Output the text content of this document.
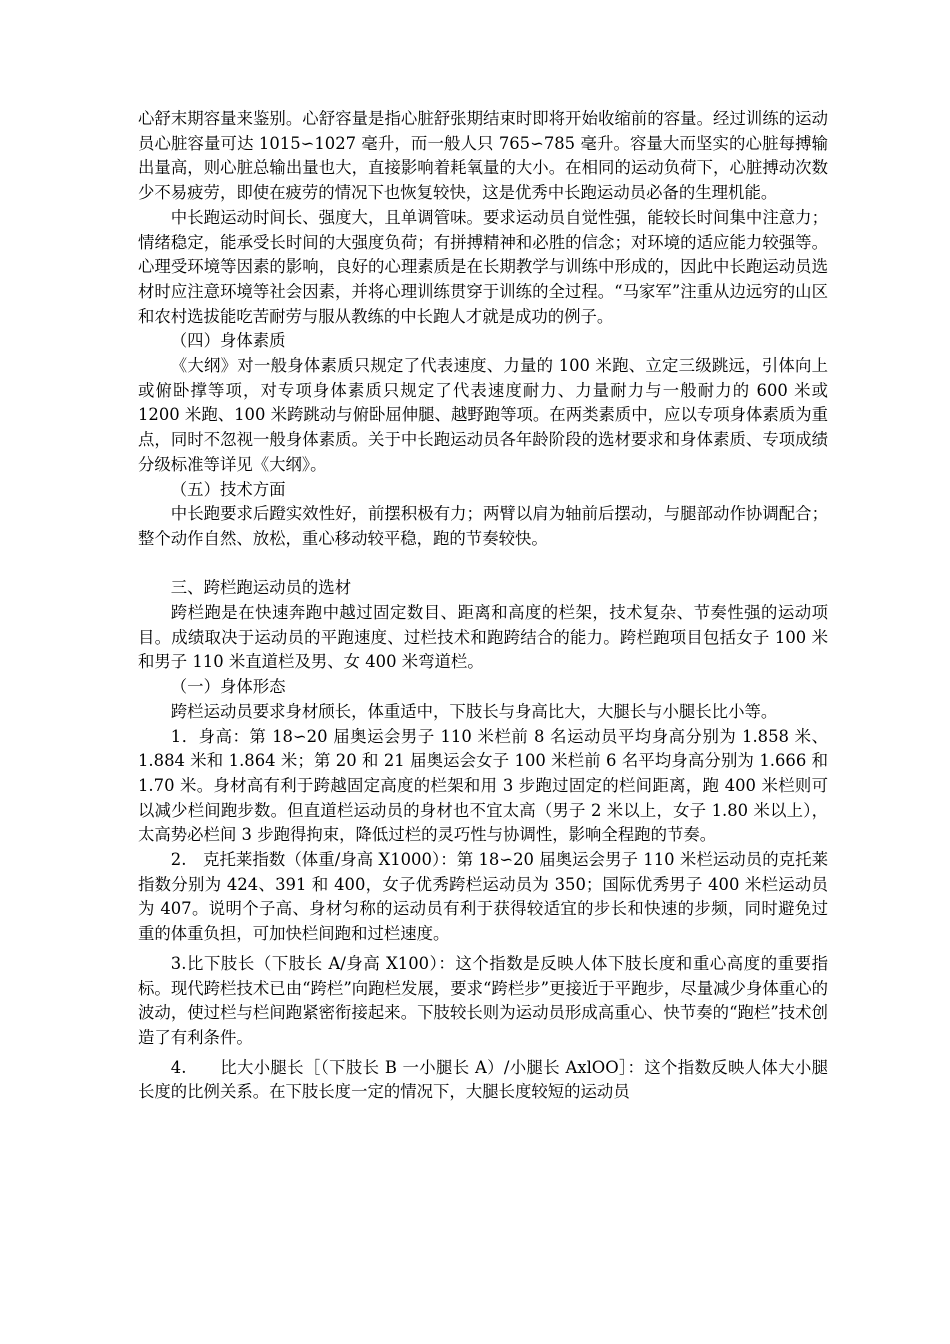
心舒末期容量来鉴别。心舒容量是指心脏舒张期结束时即将开始收缩前的容量。经过训练的运动员心脏容量可达 1015∽1027 毫升，而一般人只 765∽785 毫升。容量大而坚实的心脏每搏输出量高，则心脏总输出量也大，直接影响着耗氧量的大小。在相同的运动负荷下，心脏搏动次数少不易疲劳，即使在疲劳的情况下也恢复较快，这是优秀中长跑运动员必备的生理机能。

中长跑运动时间长、强度大，且单调管味。要求运动员自觉性强，能较长时间集中注意力；情绪稳定，能承受长时间的大强度负荷；有拼搏精神和必胜的信念；对环境的适应能力较强等。心理受环境等因素的影响，良好的心理素质是在长期教学与训练中形成的，因此中长跑运动员选材时应注意环境等社会因素，并将心理训练贯穿于训练的全过程。“马家军”注重从边远穷的山区和农村选拔能吃苦耐劳与服从教练的中长跑人才就是成功的例子。

（四）身体素质

《大纲》对一般身体素质只规定了代表速度、力量的 100 米跑、立定三级跳远，引体向上或俯卧撑等项，对专项身体素质只规定了代表速度耐力、力量耐力与一般耐力的 600 米或 1200 米跑、100 米跨跳动与俯卧屈伸腿、越野跑等项。在两类素质中，应以专项身体素质为重点，同时不忽视一般身体素质。关于中长跑运动员各年龄阶段的选材要求和身体素质、专项成绩分级标准等详见《大纲》。

（五）技术方面

中长跑要求后蹬实效性好，前摆积极有力；两臂以肩为轴前后摆动，与腿部动作协调配合；整个动作自然、放松，重心移动较平稳，跑的节奏较快。

三、跨栏跑运动员的选材

跨栏跑是在快速奔跑中越过固定数目、距离和高度的栏架，技术复杂、节奏性强的运动项目。成绩取决于运动员的平跑速度、过栏技术和跑跨结合的能力。跨栏跑项目包括女子 100 米和男子 110 米直道栏及男、女 400 米弯道栏。

（一）身体形态

跨栏运动员要求身材颀长，体重适中，下肢长与身高比大，大腿长与小腿长比小等。

1．身高：第 18∽20 届奥运会男子 110 米栏前 8 名运动员平均身高分别为 1.858 米、1.884 米和 1.864 米；第 20 和 21 届奥运会女子 100 米栏前 6 名平均身高分别为 1.666 和 1.70 米。身材高有利于跨越固定高度的栏架和用 3 步跑过固定的栏间距离，跑 400 米栏则可以减少栏间跑步数。但直道栏运动员的身材也不宜太高（男子 2 米以上，女子 1.80 米以上），太高势必栏间 3 步跑得拘束，降低过栏的灵巧性与协调性，影响全程跑的节奏。

2.　克托莱指数（体重/身高 X1000）：第 18∽20 届奥运会男子 110 米栏运动员的克托莱指数分别为 424、391 和 400，女子优秀跨栏运动员为 350；国际优秀男子 400 米栏运动员为 407。说明个子高、身材匀称的运动员有利于获得较适宜的步长和快速的步频，同时避免过重的体重负担，可加快栏间跑和过栏速度。

3.比下肢长（下肢长 A/身高 X100）：这个指数是反映人体下肢长度和重心高度的重要指标。现代跨栏技术已由“跨栏”向跑栏发展，要求“跨栏步”更接近于平跑步，尽量减少身体重心的波动，使过栏与栏间跑紧密衔接起来。下肢较长则为运动员形成高重心、快节奏的“跑栏”技术创造了有利条件。

4.　　比大小腿长［（下肢长 B 一小腿长 A）/小腿长 AxlOO］：这个指数反映人体大小腿长度的比例关系。在下肢长度一定的情况下，大腿长度较短的运动员
